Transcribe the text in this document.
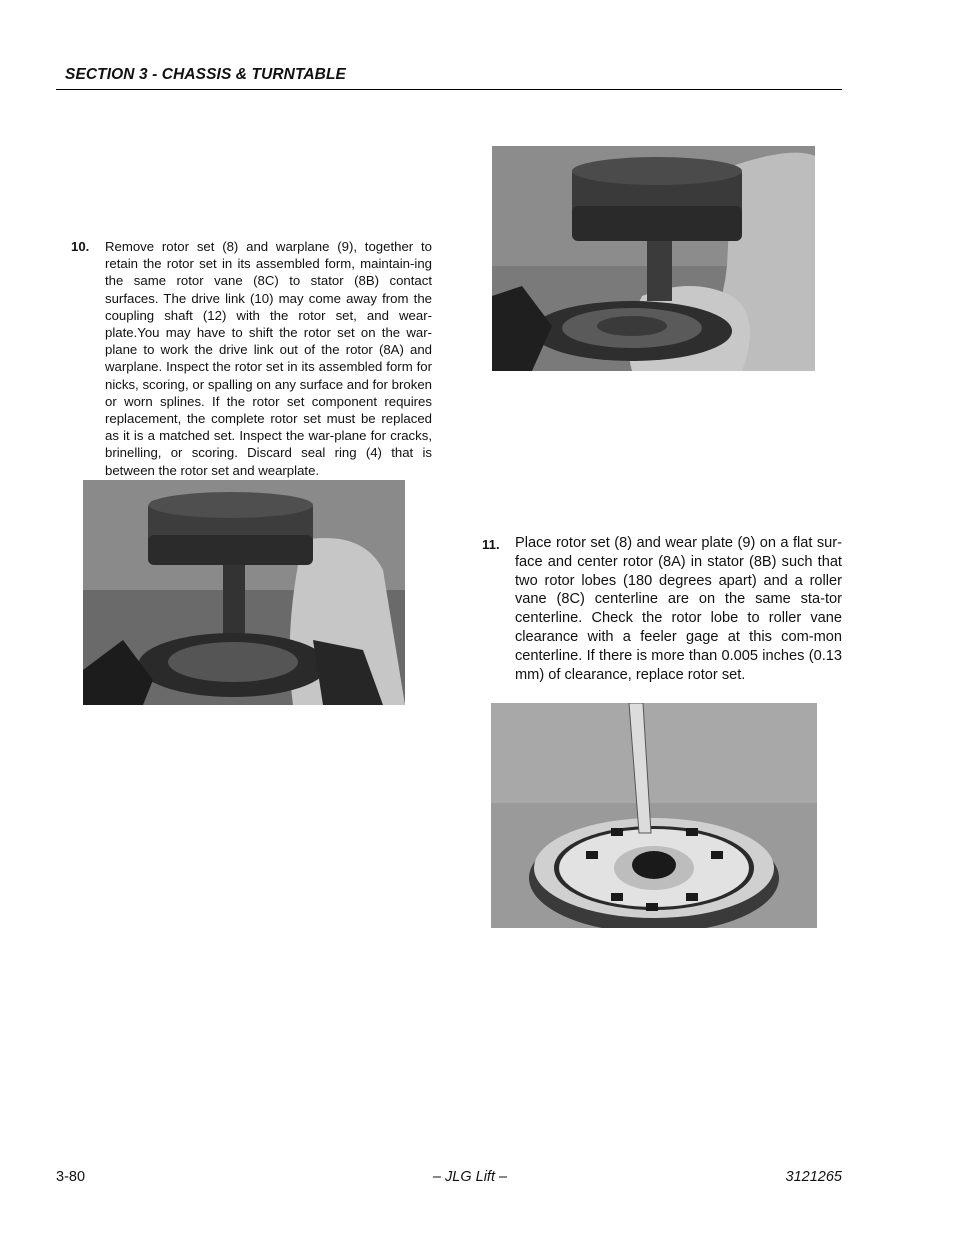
SECTION 3 - CHASSIS & TURNTABLE
10. Remove rotor set (8) and warplane (9), together to retain the rotor set in its assembled form, maintain-ing the same rotor vane (8C) to stator (8B) contact surfaces. The drive link (10) may come away from the coupling shaft (12) with the rotor set, and wear-plate.You may have to shift the rotor set on the war-plane to work the drive link out of the rotor (8A) and warplane. Inspect the rotor set in its assembled form for nicks, scoring, or spalling on any surface and for broken or worn splines. If the rotor set component requires replacement, the complete rotor set must be replaced as it is a matched set. Inspect the war-plane for cracks, brinelling, or scoring. Discard seal ring (4) that is between the rotor set and wearplate.
11. Place rotor set (8) and wear plate (9) on a flat sur-face and center rotor (8A) in stator (8B) such that two rotor lobes (180 degrees apart) and a roller vane (8C) centerline are on the same sta-tor centerline. Check the rotor lobe to roller vane clearance with a feeler gage at this com-mon centerline. If there is more than 0.005 inches (0.13 mm) of clearance, replace rotor set.
3-80	– JLG Lift –	3121265
